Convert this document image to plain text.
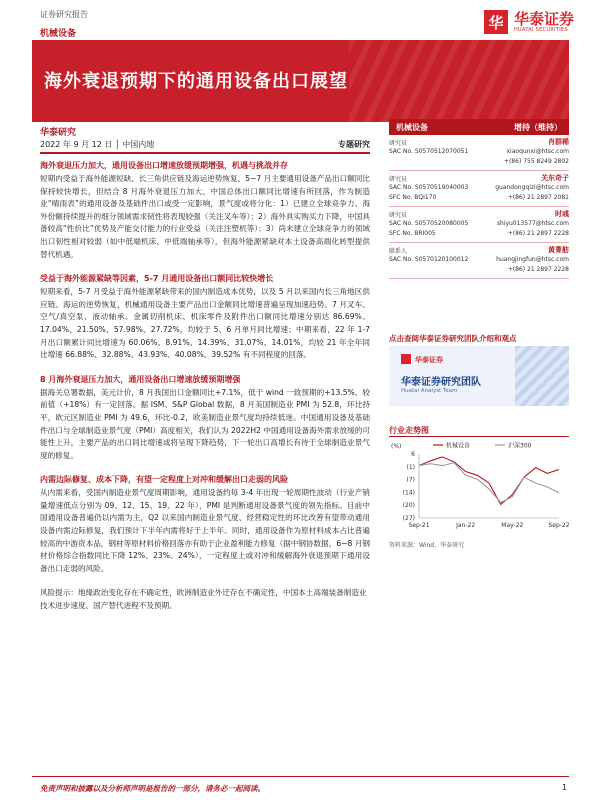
证券研究报告	华 华泰证券
HUATAI SECURITIES
机械设备
海外衰退预期下的通用设备出口展望
华泰研究
2022 年 9 月 12 日 │ 中国内地	专题研究
海外衰退压力加大，通用设备出口增速放缓预期增强，机遇与挑战并存
短期内受益于海外能源短缺、长三角供应链及海运逆势恢复，5~7 月主要通用设备产品出口额同比保持较快增长，但结合 8 月海外衰退压力加大、中国总体出口额同比增速有所回落，作为制造业“晴雨表”的通用设备及基础件出口或受一定影响，景气度或将分化：1）已建立全球竞争力、海外份额持续提升的细分领域需求韧性将表现较强（关注叉车等）；2）海外具实购买力下降，中国具备较高“性价比”优势及产能交付能力的行业受益（关注注塑机等）；3）尚未建立全球竞争力的领域出口韧性相对较弱（如中低端机床、中低端轴承等），但海外能源紧缺对本土设备高端化转型提供替代机遇。
受益于海外能源紧缺等因素，5-7 月通用设备出口额同比较快增长
短期来看，5-7 月受益于海外能源紧缺带来的国内制造成本优势，以及 5 月以来国内长三角地区供应链、海运的逆势恢复，机械通用设备主要产品出口金额同比增速普遍呈现加速趋势。7 月叉车、空气/真空泵、液动轴承、金属切削机床、机床零件及附件出口额同比增速分别达 86.69%、17.04%、21.50%、57.98%、27.72%，均较于 5、6 月单月同比增速；中期来看，22 年 1-7 月出口额累计同比增速为 60.06%、8.91%、14.39%、31.07%、14.01%，均较 21 年全年同比增速 66.88%、32.88%、43.93%、40.08%、39.52% 有不同程度的回落。
8 月海外衰退压力加大，通用设备出口增速放缓预期增强
据海关总署数据，美元计价，8 月我国出口金额同比+7.1%，低于 wind 一致预期的+13.5%、较前值（+18%）有一定回落。据 ISM、S&P Global 数据，8 月美国制造业 PMI 为 52.8，环比持平，欧元区制造业 PMI 为 49.6，环比-0.2，欧美制造业景气度均持续低迷。中国通用设备及基础件出口与全球制造业景气度（PMI）高度相关，我们认为 2022H2 中国通用设备海外需求放缓的可能性上升，主要产品的出口同比增速或将呈现下降趋势，下一轮出口高增长有待于全球制造业景气度的修复。
内需边际修复、成本下降，有望一定程度上对冲和缓解出口走弱的风险
从内需来看，受国内制造业景气度周期影响，通用设备约每 3-4 年出现一轮周期性波动（行业产销量增速低点分别为 09、12、15、19、22 年），PMI 是判断通用设备景气度的领先指标。目前中国通用设备普遍仍以内需为主，Q2 以来国内制造业景气度、经营稳定性的环比改善有望带动通用设备内需边际修复，我们预计下半年内需将好于上半年。同时，通用设备作为原材料成本占比普遍较高的中游资本品，钢材等原材料价格回落亦有助于企业盈利能力修复（据中钢协数据，6~8 月钢材价格综合指数同比下降 12%、23%、24%），一定程度上或对冲和缓解海外衰退预期下通用设备出口走弱的风险。
风险提示：地缘政治变化存在不确定性，欧洲制造业外迁存在不确定性，中国本土高端装备制造业技术进步速度、国产替代进程不及预期。
机械设备	增持（维持）
研究员	肖群稀
SAC No. S0570512070051	xiaoqunxi@htsc.com
+(86) 755 8249 2802
研究员	关东奇子
SAC No. S0570519040003	guandongqizi@htsc.com
SFC No. BQI170	+(86) 21 2897 2081
研究员	时彧
SAC No. S0570520080005	shiyu013577@htsc.com
SFC No. BRI005	+(86) 21 2897 2228
联系人	黄菁舫
SAC No. S0570120100012	huangjingfun@htsc.com
+(86) 21 2897 2228
点击查阅华泰证券研究团队介绍和观点
华泰证券
华泰证券研究团队
Huatai Analyst Team
行业走势图
(%)
6
(1)
(7)
(14)
(20)
(27)
Sep-21	Jan-22	May-22	Sep-22
机械设备	沪深300
资料来源：Wind，华泰研究
免责声明和披露以及分析师声明是报告的一部分，请务必一起阅读。	1
